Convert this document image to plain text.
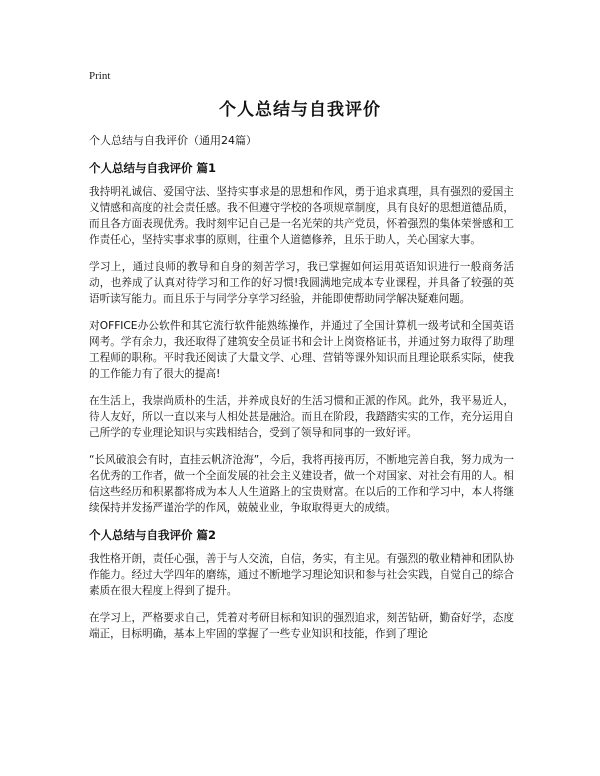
Print
个人总结与自我评价

个人总结与自我评价（通用24篇）

个人总结与自我评价 篇1

我持明礼诚信、爱国守法、坚持实事求是的思想和作风，勇于追求真理，具有强烈的爱国主义情感和高度的社会责任感。我不但遵守学校的各项规章制度，具有良好的思想道德品质，而且各方面表现优秀。我时刻牢记自己是一名光荣的共产党员，怀着强烈的集体荣誉感和工作责任心，坚持实事求事的原则，往重个人道德修养，且乐于助人，关心国家大事。

学习上，通过良师的教导和自身的刻苦学习，我已掌握如何运用英语知识进行一般商务活动，也养成了认真对待学习和工作的好习惯!我圆满地完成本专业课程，并具备了较强的英语听读写能力。而且乐于与同学分享学习经验，并能即使帮助同学解决疑难问题。

对OFFICE办公软件和其它流行软件能熟练操作，并通过了全国计算机一级考试和全国英语网考。学有余力，我还取得了建筑安全员证书和会计上岗资格证书，并通过努力取得了助理工程师的职称。平时我还阅读了大量文学、心理、营销等课外知识而且理论联系实际，使我的工作能力有了很大的提高!

在生活上，我崇尚质朴的生活，并养成良好的生活习惯和正派的作风。此外，我平易近人，待人友好，所以一直以来与人相处甚是融洽。而且在阶段，我踏踏实实的工作，充分运用自己所学的专业理论知识与实践相结合，受到了领导和同事的一致好评。

“长风破浪会有时，直挂云帆济沧海”，今后，我将再接再厉，不断地完善自我，努力成为一名优秀的工作者，做一个全面发展的社会主义建设者，做一个对国家、对社会有用的人。相信这些经历和积累都将成为本人人生道路上的宝贵财富。在以后的工作和学习中，本人将继续保持并发扬严谨治学的作风，兢兢业业，争取取得更大的成绩。

个人总结与自我评价 篇2

我性格开朗，责任心强，善于与人交流，自信，务实，有主见。有强烈的敬业精神和团队协作能力。经过大学四年的磨练，通过不断地学习理论知识和参与社会实践，自觉自己的综合素质在很大程度上得到了提升。

在学习上，严格要求自己，凭着对考研目标和知识的强烈追求，刻苦钻研，勤奋好学，态度端正，目标明确，基本上牢固的掌握了一些专业知识和技能，作到了理论
